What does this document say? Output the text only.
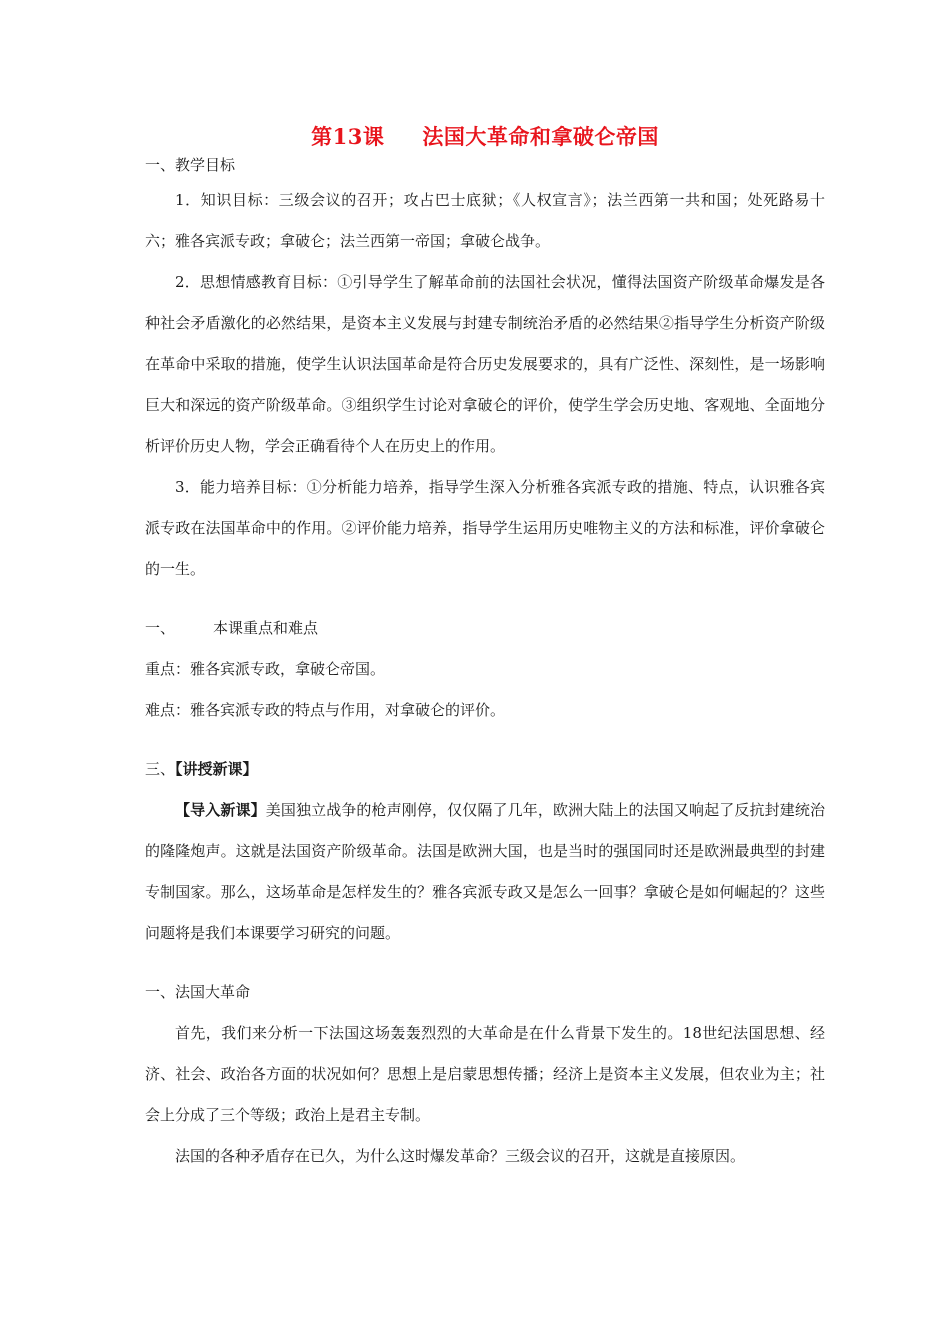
第13课 法国大革命和拿破仑帝国

一、教学目标

1．知识目标：三级会议的召开；攻占巴士底狱；《人权宣言》；法兰西第一共和国；处死路易十六；雅各宾派专政；拿破仑；法兰西第一帝国；拿破仑战争。

2．思想情感教育目标：①引导学生了解革命前的法国社会状况，懂得法国资产阶级革命爆发是各种社会矛盾激化的必然结果，是资本主义发展与封建专制统治矛盾的必然结果②指导学生分析资产阶级在革命中采取的措施，使学生认识法国革命是符合历史发展要求的，具有广泛性、深刻性，是一场影响巨大和深远的资产阶级革命。③组织学生讨论对拿破仑的评价，使学生学会历史地、客观地、全面地分析评价历史人物，学会正确看待个人在历史上的作用。

3．能力培养目标：①分析能力培养，指导学生深入分析雅各宾派专政的措施、特点，认识雅各宾派专政在法国革命中的作用。②评价能力培养，指导学生运用历史唯物主义的方法和标准，评价拿破仑的一生。

一、	本课重点和难点

重点：雅各宾派专政，拿破仑帝国。

难点：雅各宾派专政的特点与作用，对拿破仑的评价。

三、【讲授新课】

【导入新课】美国独立战争的枪声刚停，仅仅隔了几年，欧洲大陆上的法国又响起了反抗封建统治的隆隆炮声。这就是法国资产阶级革命。法国是欧洲大国，也是当时的强国同时还是欧洲最典型的封建专制国家。那么，这场革命是怎样发生的？雅各宾派专政又是怎么一回事？拿破仑是如何崛起的？这些问题将是我们本课要学习研究的问题。

一、法国大革命

首先，我们来分析一下法国这场轰轰烈烈的大革命是在什么背景下发生的。18世纪法国思想、经济、社会、政治各方面的状况如何？思想上是启蒙思想传播；经济上是资本主义发展，但农业为主；社会上分成了三个等级；政治上是君主专制。

法国的各种矛盾存在已久，为什么这时爆发革命？三级会议的召开，这就是直接原因。
